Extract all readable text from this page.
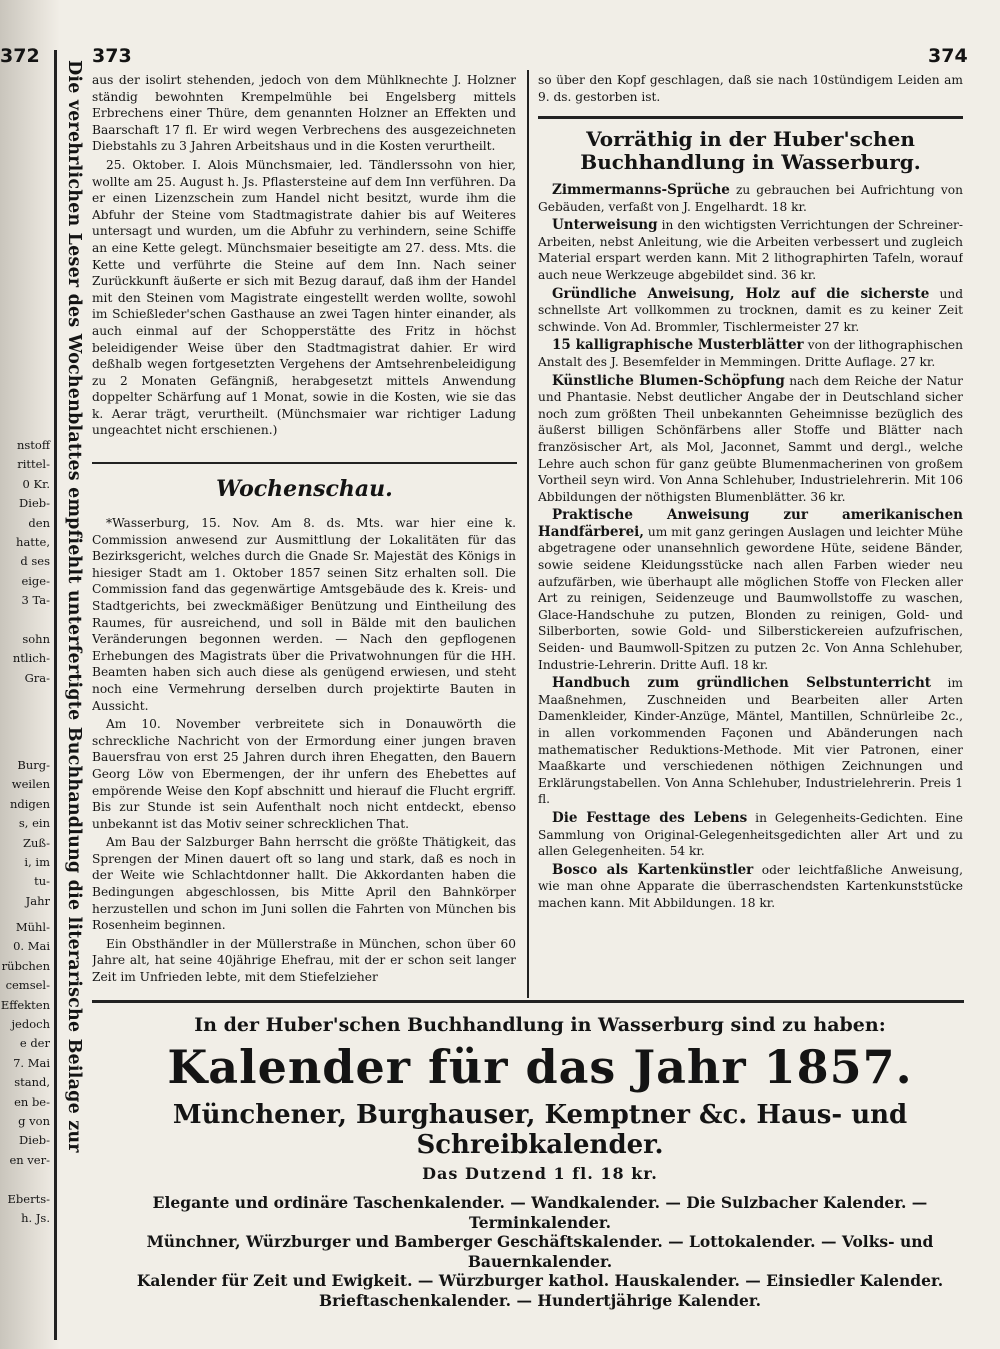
372	373	374
nstoff
rittel-
0 Kr.
Dieb-
den
hatte,
d ses
eige-
3 Ta-

sohn
ntlich-
Gra-
Burg-
weilen
ndigen
s, ein
Zuß-
i, im
tu-
Jahr
Mühl-
0. Mai
rübchen
cemsel-
Effekten
jedoch
e der
7. Mai
stand,
en be-
g von
Dieb-
en ver-

Eberts-
h. Js.
Die verehrlichen Leser des Wochenblattes empfiehlt unterfertigte Buchhandlung die literarische Beilage zur

aus der isolirt stehenden, jedoch von dem Mühlknechte J. Holzner ständig bewohnten Krempelmühle bei Engelsberg mittels Erbrechens einer Thüre, dem genannten Holzner an Effekten und Baarschaft 17 fl. Er wird wegen Verbrechens des ausgezeichneten Diebstahls zu 3 Jahren Arbeitshaus und in die Kosten verurtheilt.

25. Oktober. I. Alois Münchsmaier, led. Tändlerssohn von hier, wollte am 25. August h. Js. Pflastersteine auf dem Inn verführen. Da er einen Lizenzschein zum Handel nicht besitzt, wurde ihm die Abfuhr der Steine vom Stadtmagistrate dahier bis auf Weiteres untersagt und wurden, um die Abfuhr zu verhindern, seine Schiffe an eine Kette gelegt. Münchsmaier beseitigte am 27. dess. Mts. die Kette und verführte die Steine auf dem Inn. Nach seiner Zurückkunft äußerte er sich mit Bezug darauf, daß ihm der Handel mit den Steinen vom Magistrate eingestellt werden wollte, sowohl im Schießleder'schen Gasthause an zwei Tagen hinter einander, als auch einmal auf der Schopperstätte des Fritz in höchst beleidigender Weise über den Stadtmagistrat dahier. Er wird deßhalb wegen fortgesetzten Vergehens der Amtsehrenbeleidigung zu 2 Monaten Gefängniß, herabgesetzt mittels Anwendung doppelter Schärfung auf 1 Monat, sowie in die Kosten, wie sie das k. Aerar trägt, verurtheilt. (Münchsmaier war richtiger Ladung ungeachtet nicht erschienen.)

Wochenschau.

*Wasserburg, 15. Nov. Am 8. ds. Mts. war hier eine k. Commission anwesend zur Ausmittlung der Lokalitäten für das Bezirksgericht, welches durch die Gnade Sr. Majestät des Königs in hiesiger Stadt am 1. Oktober 1857 seinen Sitz erhalten soll. Die Commission fand das gegenwärtige Amtsgebäude des k. Kreis- und Stadtgerichts, bei zweckmäßiger Benützung und Eintheilung des Raumes, für ausreichend, und soll in Bälde mit den baulichen Veränderungen begonnen werden. — Nach den gepflogenen Erhebungen des Magistrats über die Privatwohnungen für die HH. Beamten haben sich auch diese als genügend erwiesen, und steht noch eine Vermehrung derselben durch projektirte Bauten in Aussicht.

Am 10. November verbreitete sich in Donauwörth die schreckliche Nachricht von der Ermordung einer jungen braven Bauersfrau von erst 25 Jahren durch ihren Ehegatten, den Bauern Georg Löw von Ebermengen, der ihr unfern des Ehebettes auf empörende Weise den Kopf abschnitt und hierauf die Flucht ergriff. Bis zur Stunde ist sein Aufenthalt noch nicht entdeckt, ebenso unbekannt ist das Motiv seiner schrecklichen That.

Am Bau der Salzburger Bahn herrscht die größte Thätigkeit, das Sprengen der Minen dauert oft so lang und stark, daß es noch in der Weite wie Schlachtdonner hallt. Die Akkordanten haben die Bedingungen abgeschlossen, bis Mitte April den Bahnkörper herzustellen und schon im Juni sollen die Fahrten von München bis Rosenheim beginnen.

Ein Obsthändler in der Müllerstraße in München, schon über 60 Jahre alt, hat seine 40jährige Ehefrau, mit der er schon seit langer Zeit im Unfrieden lebte, mit dem Stiefelzieher

so über den Kopf geschlagen, daß sie nach 10stündigem Leiden am 9. ds. gestorben ist.

Vorräthig in der Huber'schen Buchhandlung in Wasserburg.

Zimmermanns-Sprüche zu gebrauchen bei Aufrichtung von Gebäuden, verfaßt von J. Engelhardt. 18 kr.

Unterweisung in den wichtigsten Verrichtungen der Schreiner-Arbeiten, nebst Anleitung, wie die Arbeiten verbessert und zugleich Material erspart werden kann. Mit 2 lithographirten Tafeln, worauf auch neue Werkzeuge abgebildet sind. 36 kr.

Gründliche Anweisung, Holz auf die sicherste und schnellste Art vollkommen zu trocknen, damit es zu keiner Zeit schwinde. Von Ad. Brommler, Tischlermeister 27 kr.

15 kalligraphische Musterblätter von der lithographischen Anstalt des J. Besemfelder in Memmingen. Dritte Auflage. 27 kr.

Künstliche Blumen-Schöpfung nach dem Reiche der Natur und Phantasie. Nebst deutlicher Angabe der in Deutschland sicher noch zum größten Theil unbekannten Geheimnisse bezüglich des äußerst billigen Schönfärbens aller Stoffe und Blätter nach französischer Art, als Mol, Jaconnet, Sammt und dergl., welche Lehre auch schon für ganz geübte Blumenmacherinen von großem Vortheil seyn wird. Von Anna Schlehuber, Industrielehrerin. Mit 106 Abbildungen der nöthigsten Blumenblätter. 36 kr.

Praktische Anweisung zur amerikanischen Handfärberei, um mit ganz geringen Auslagen und leichter Mühe abgetragene oder unansehnlich gewordene Hüte, seidene Bänder, sowie seidene Kleidungsstücke nach allen Farben wieder neu aufzufärben, wie überhaupt alle möglichen Stoffe von Flecken aller Art zu reinigen, Seidenzeuge und Baumwollstoffe zu waschen, Glace-Handschuhe zu putzen, Blonden zu reinigen, Gold- und Silberborten, sowie Gold- und Silberstickereien aufzufrischen, Seiden- und Baumwoll-Spitzen zu putzen 2c. Von Anna Schlehuber, Industrie-Lehrerin. Dritte Aufl. 18 kr.

Handbuch zum gründlichen Selbstunterricht im Maaßnehmen, Zuschneiden und Bearbeiten aller Arten Damenkleider, Kinder-Anzüge, Mäntel, Mantillen, Schnürleibe 2c., in allen vorkommenden Façonen und Abänderungen nach mathematischer Reduktions-Methode. Mit vier Patronen, einer Maaßkarte und verschiedenen nöthigen Zeichnungen und Erklärungstabellen. Von Anna Schlehuber, Industrielehrerin. Preis 1 fl.

Die Festtage des Lebens in Gelegenheits-Gedichten. Eine Sammlung von Original-Gelegenheitsgedichten aller Art und zu allen Gelegenheiten. 54 kr.

Bosco als Kartenkünstler oder leichtfaßliche Anweisung, wie man ohne Apparate die überraschendsten Kartenkunststücke machen kann. Mit Abbildungen. 18 kr.

In der Huber'schen Buchhandlung in Wasserburg sind zu haben:
Kalender für das Jahr 1857.
Münchener, Burghauser, Kemptner &c. Haus- und Schreibkalender.
Das Dutzend 1 fl. 18 kr.
Elegante und ordinäre Taschenkalender. — Wandkalender. — Die Sulzbacher Kalender. — Terminkalender.
Münchner, Würzburger und Bamberger Geschäftskalender. — Lottokalender. — Volks- und Bauernkalender.
Kalender für Zeit und Ewigkeit. — Würzburger kathol. Hauskalender. — Einsiedler Kalender.
Brieftaschenkalender. — Hundertjährige Kalender.
